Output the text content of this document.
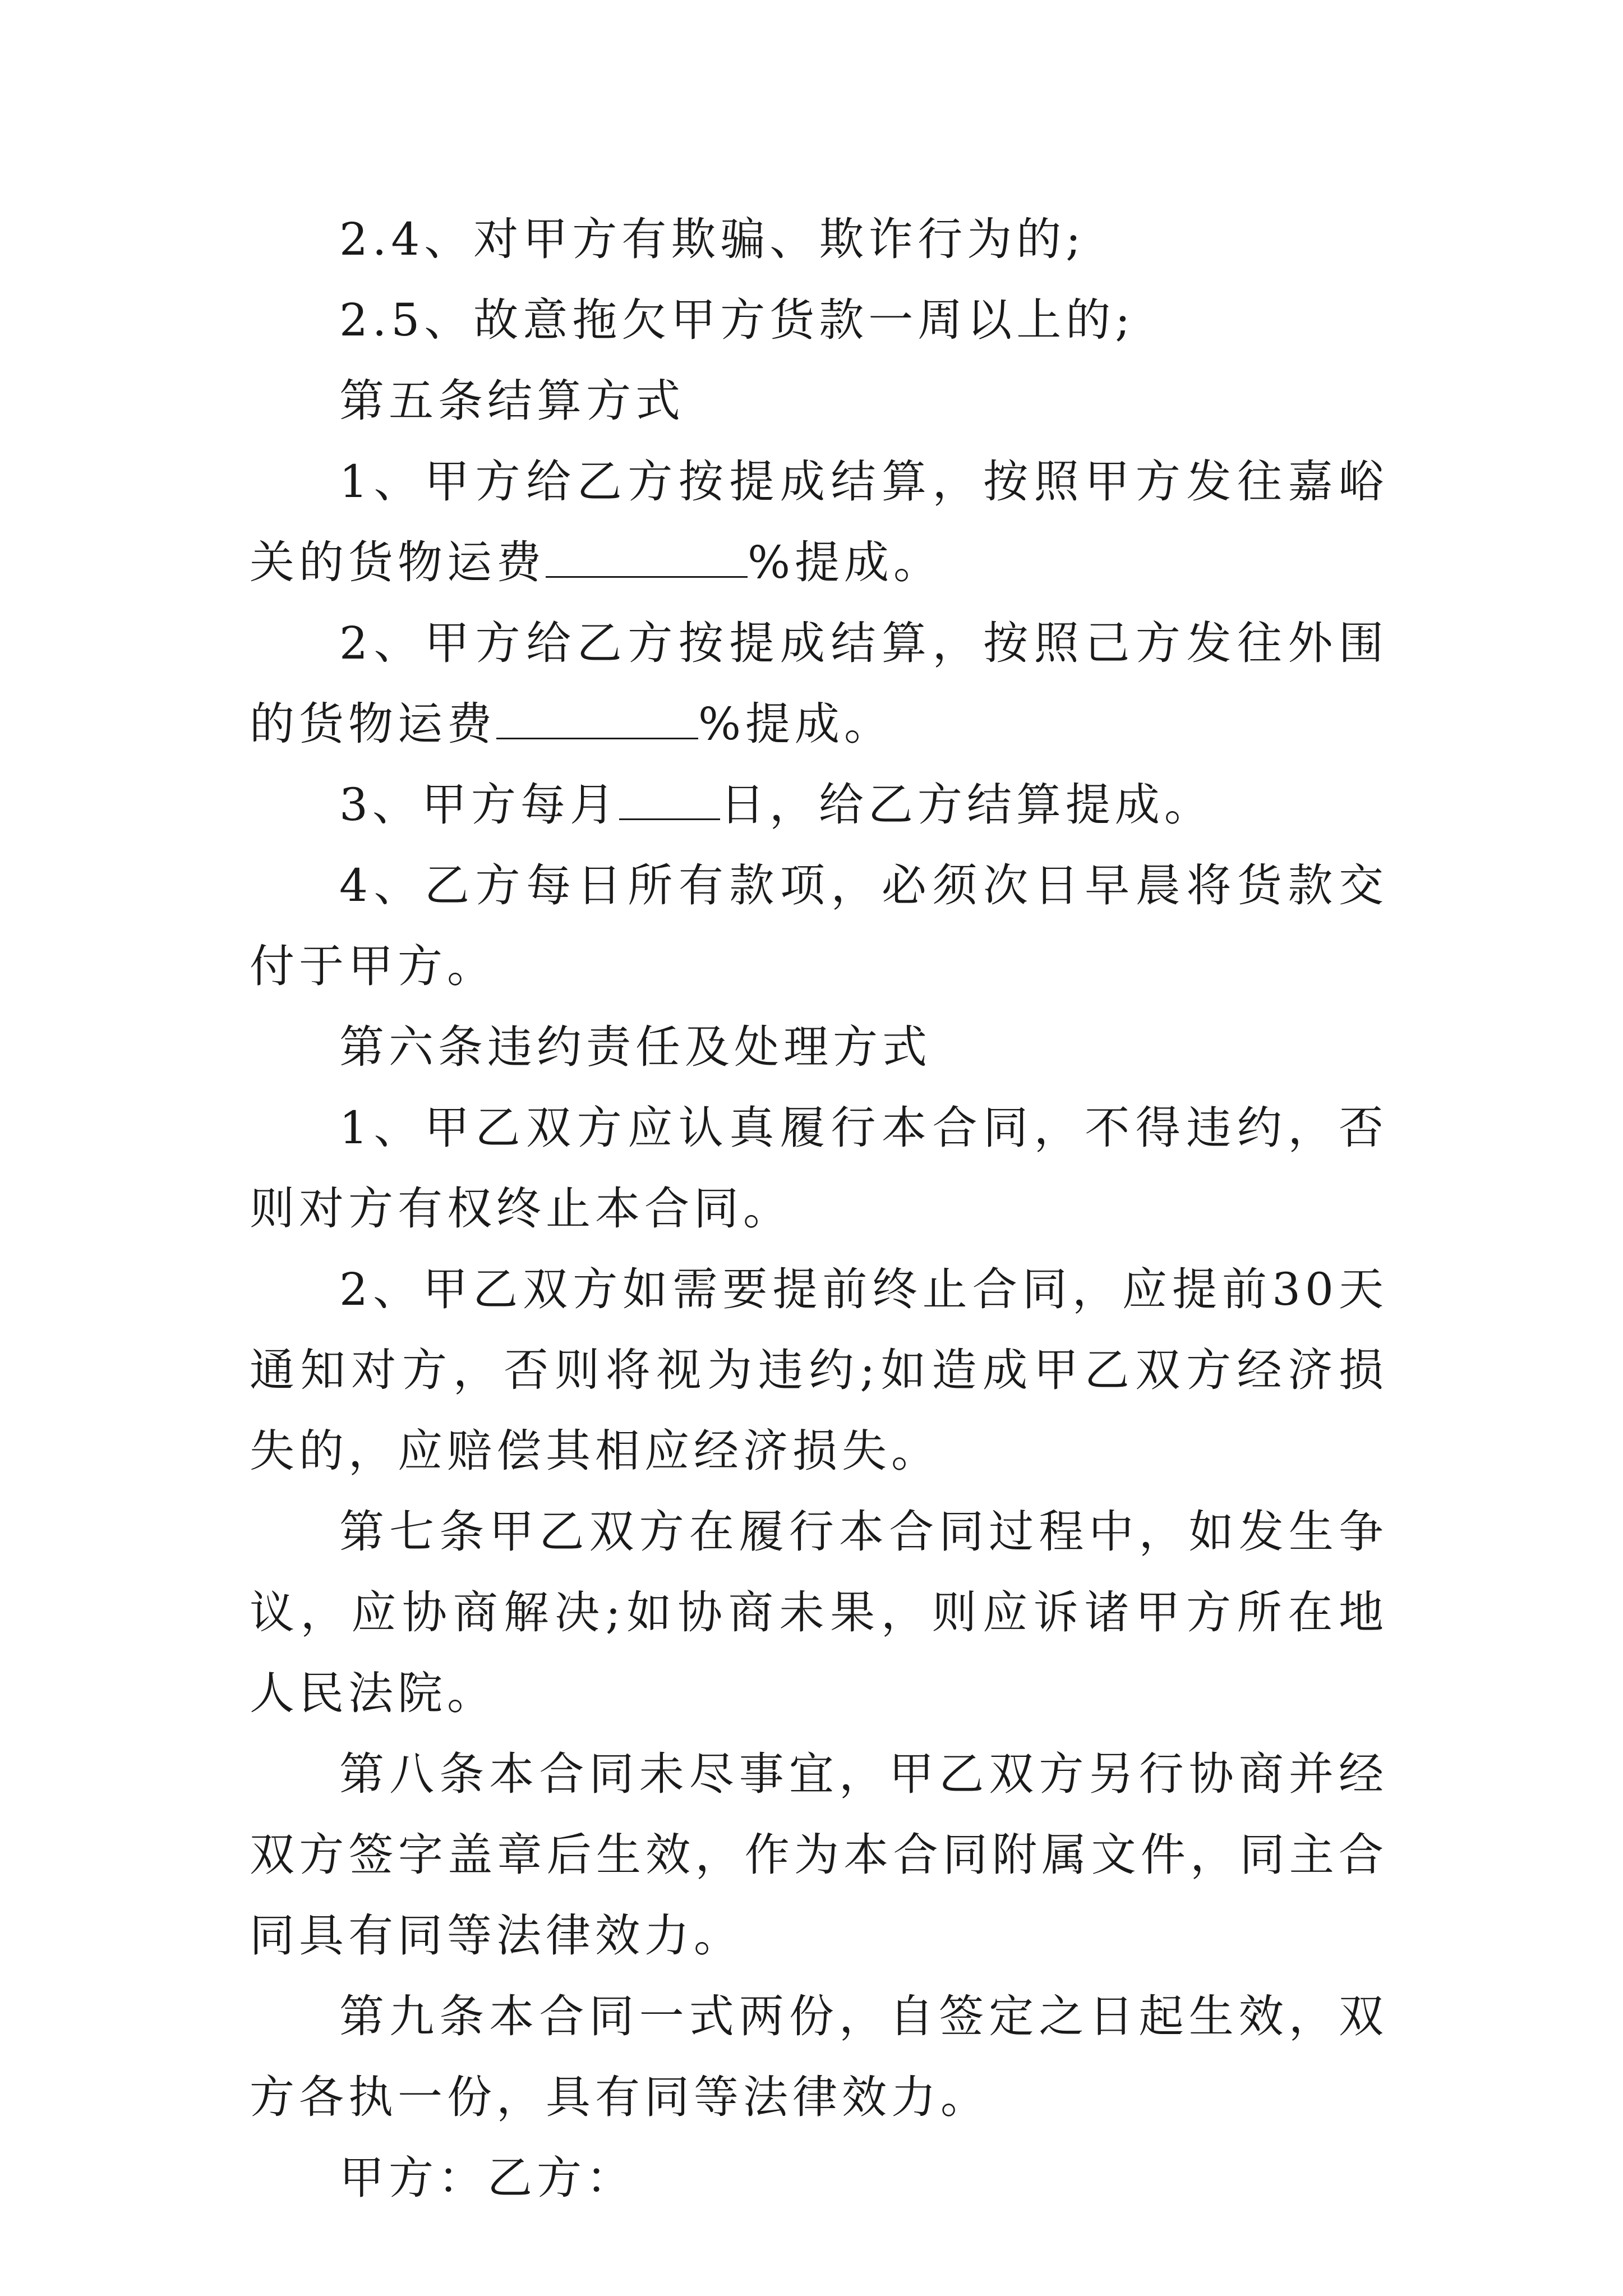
2.4、对甲方有欺骗、欺诈行为的;

2.5、故意拖欠甲方货款一周以上的;

第五条结算方式

1、甲方给乙方按提成结算，按照甲方发往嘉峪关的货物运费	%提成。

2、甲方给乙方按提成结算，按照己方发往外围的货物运费	%提成。

3、甲方每月 日，给乙方结算提成。

4、乙方每日所有款项，必须次日早晨将货款交付于甲方。

第六条违约责任及处理方式

1、甲乙双方应认真履行本合同，不得违约，否则对方有权终止本合同。

2、甲乙双方如需要提前终止合同，应提前30天通知对方，否则将视为违约;如造成甲乙双方经济损失的，应赔偿其相应经济损失。

第七条甲乙双方在履行本合同过程中，如发生争议，应协商解决;如协商未果，则应诉诸甲方所在地人民法院。

第八条本合同未尽事宜，甲乙双方另行协商并经双方签字盖章后生效，作为本合同附属文件，同主合同具有同等法律效力。

第九条本合同一式两份，自签定之日起生效，双方各执一份，具有同等法律效力。

甲方：乙方：
